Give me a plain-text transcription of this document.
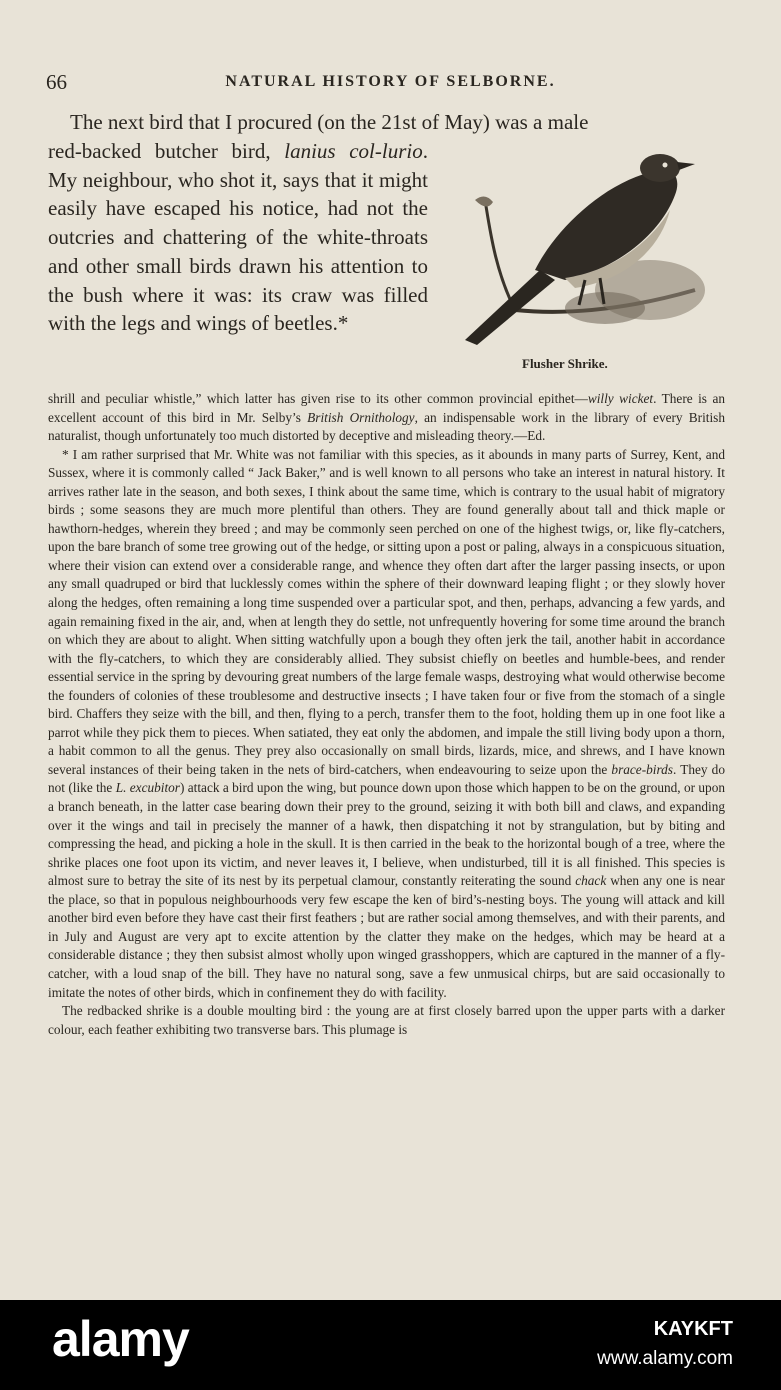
66	NATURAL HISTORY OF SELBORNE.
The next bird that I procured (on the 21st of May) was a male
red-backed butcher bird, lanius col-lurio. My neighbour, who shot it, says that it might easily have escaped his notice, had not the outcries and chattering of the white-throats and other small birds drawn his attention to the bush where it was: its craw was filled with the legs and wings of beetles.*
Flusher Shrike.

shrill and peculiar whistle,” which latter has given rise to its other common provincial epithet—willy wicket. There is an excellent account of this bird in Mr. Selby’s British Ornithology, an indispensable work in the library of every British naturalist, though unfortunately too much distorted by deceptive and misleading theory.—Ed.

* I am rather surprised that Mr. White was not familiar with this species, as it abounds in many parts of Surrey, Kent, and Sussex, where it is commonly called “ Jack Baker,” and is well known to all persons who take an interest in natural history. It arrives rather late in the season, and both sexes, I think about the same time, which is contrary to the usual habit of migratory birds ; some seasons they are much more plentiful than others. They are found generally about tall and thick maple or hawthorn-hedges, wherein they breed ; and may be commonly seen perched on one of the highest twigs, or, like fly-catchers, upon the bare branch of some tree growing out of the hedge, or sitting upon a post or paling, always in a conspicuous situation, where their vision can extend over a considerable range, and whence they often dart after the larger passing insects, or upon any small quadruped or bird that lucklessly comes within the sphere of their downward leaping flight ; or they slowly hover along the hedges, often remaining a long time suspended over a particular spot, and then, perhaps, advancing a few yards, and again remaining fixed in the air, and, when at length they do settle, not unfrequently hovering for some time around the branch on which they are about to alight. When sitting watchfully upon a bough they often jerk the tail, another habit in accordance with the fly-catchers, to which they are considerably allied. They subsist chiefly on beetles and humble-bees, and render essential service in the spring by devouring great numbers of the large female wasps, destroying what would otherwise become the founders of colonies of these troublesome and destructive insects ; I have taken four or five from the stomach of a single bird. Chaffers they seize with the bill, and then, flying to a perch, transfer them to the foot, holding them up in one foot like a parrot while they pick them to pieces. When satiated, they eat only the abdomen, and impale the still living body upon a thorn, a habit common to all the genus. They prey also occasionally on small birds, lizards, mice, and shrews, and I have known several instances of their being taken in the nets of bird-catchers, when endeavouring to seize upon the brace-birds. They do not (like the L. excubitor) attack a bird upon the wing, but pounce down upon those which happen to be on the ground, or upon a branch beneath, in the latter case bearing down their prey to the ground, seizing it with both bill and claws, and expanding over it the wings and tail in precisely the manner of a hawk, then dispatching it not by strangulation, but by biting and compressing the head, and picking a hole in the skull. It is then carried in the beak to the horizontal bough of a tree, where the shrike places one foot upon its victim, and never leaves it, I believe, when undisturbed, till it is all finished. This species is almost sure to betray the site of its nest by its perpetual clamour, constantly reiterating the sound chack when any one is near the place, so that in populous neighbourhoods very few escape the ken of bird’s-nesting boys. The young will attack and kill another bird even before they have cast their first feathers ; but are rather social among themselves, and with their parents, and in July and August are very apt to excite attention by the clatter they make on the hedges, which may be heard at a considerable distance ; they then subsist almost wholly upon winged grasshoppers, which are captured in the manner of a fly-catcher, with a loud snap of the bill. They have no natural song, save a few unmusical chirps, but are said occasionally to imitate the notes of other birds, which in confinement they do with facility.

The redbacked shrike is a double moulting bird : the young are at first closely barred upon the upper parts with a darker colour, each feather exhibiting two transverse bars. This plumage is

alamy	KAYKFT
www.alamy.com
